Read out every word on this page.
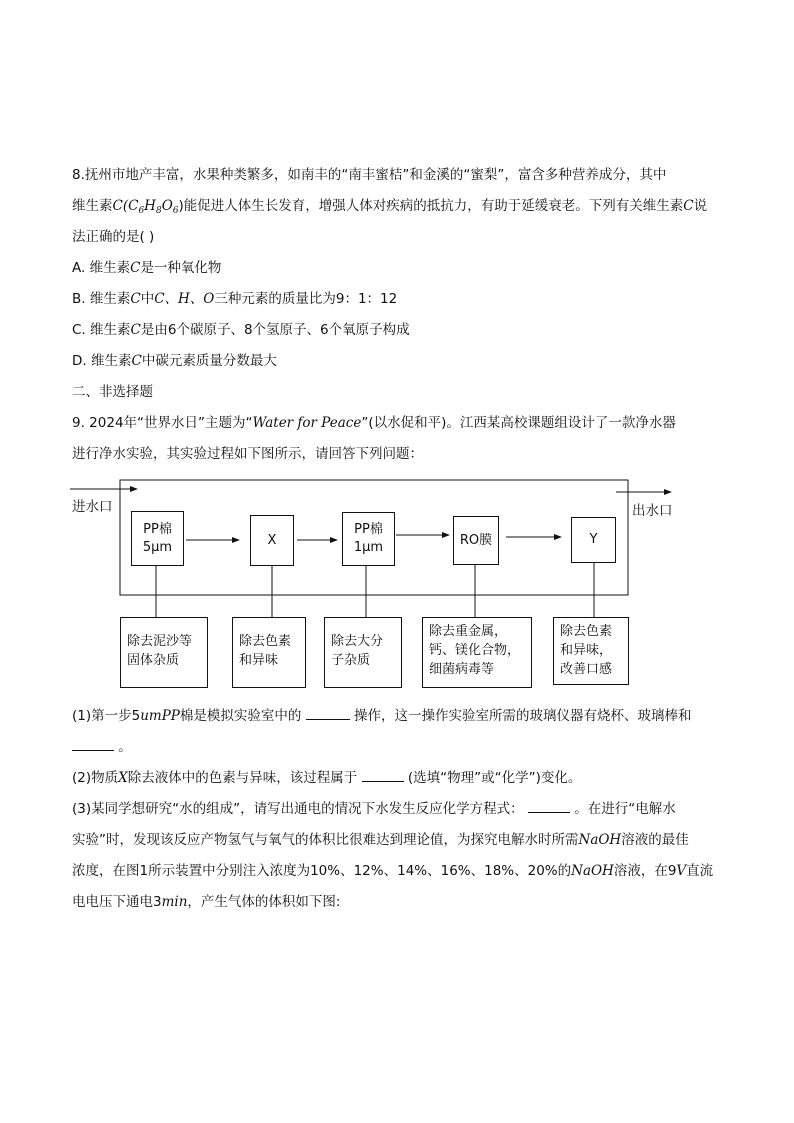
8.抚州市地产丰富，水果种类繁多，如南丰的“南丰蜜桔”和金溪的“蜜梨”，富含多种营养成分，其中
维生素$C(C_6H_8O_6)$能促进人体生长发育，增强人体对疾病的抵抗力，有助于延缓衰老。下列有关维生素C说
法正确的是( )
A. 维生素C是一种氧化物
B. 维生素C中C、H、O三种元素的质量比为9：1：12
C. 维生素C是由6个碳原子、8个氢原子、6个氧原子构成
D. 维生素C中碳元素质量分数最大
二、非选择题
9. 2024年“世界水日”主题为“Water for Peace”(以水促和平)。江西某高校课题组设计了一款净水器
进行净水实验，其实验过程如下图所示，请回答下列问题：
进水口	出水口
PP棉
5μm	X
PP棉
1μm	RO膜	Y
除去泥沙等
固体杂质
除去色素
和异味
除去大分
子杂质
除去重金属，
钙、镁化合物，
细菌病毒等
除去色素
和异味，
改善口感
(1)第一步5umPP棉是模拟实验室中的	操作，这一操作实验室所需的玻璃仪器有烧杯、玻璃棒和
。
(2)物质X除去液体中的色素与异味，该过程属于	(选填“物理”或“化学”)变化。
(3)某同学想研究“水的组成”，请写出通电的情况下水发生反应化学方程式：	。在进行“电解水
实验”时，发现该反应产物氢气与氧气的体积比很难达到理论值，为探究电解水时所需NaOH溶液的最佳
浓度，在图1所示装置中分别注入浓度为10%、12%、14%、16%、18%、20%的NaOH溶液，在9V直流
电电压下通电3min，产生气体的体积如下图:
